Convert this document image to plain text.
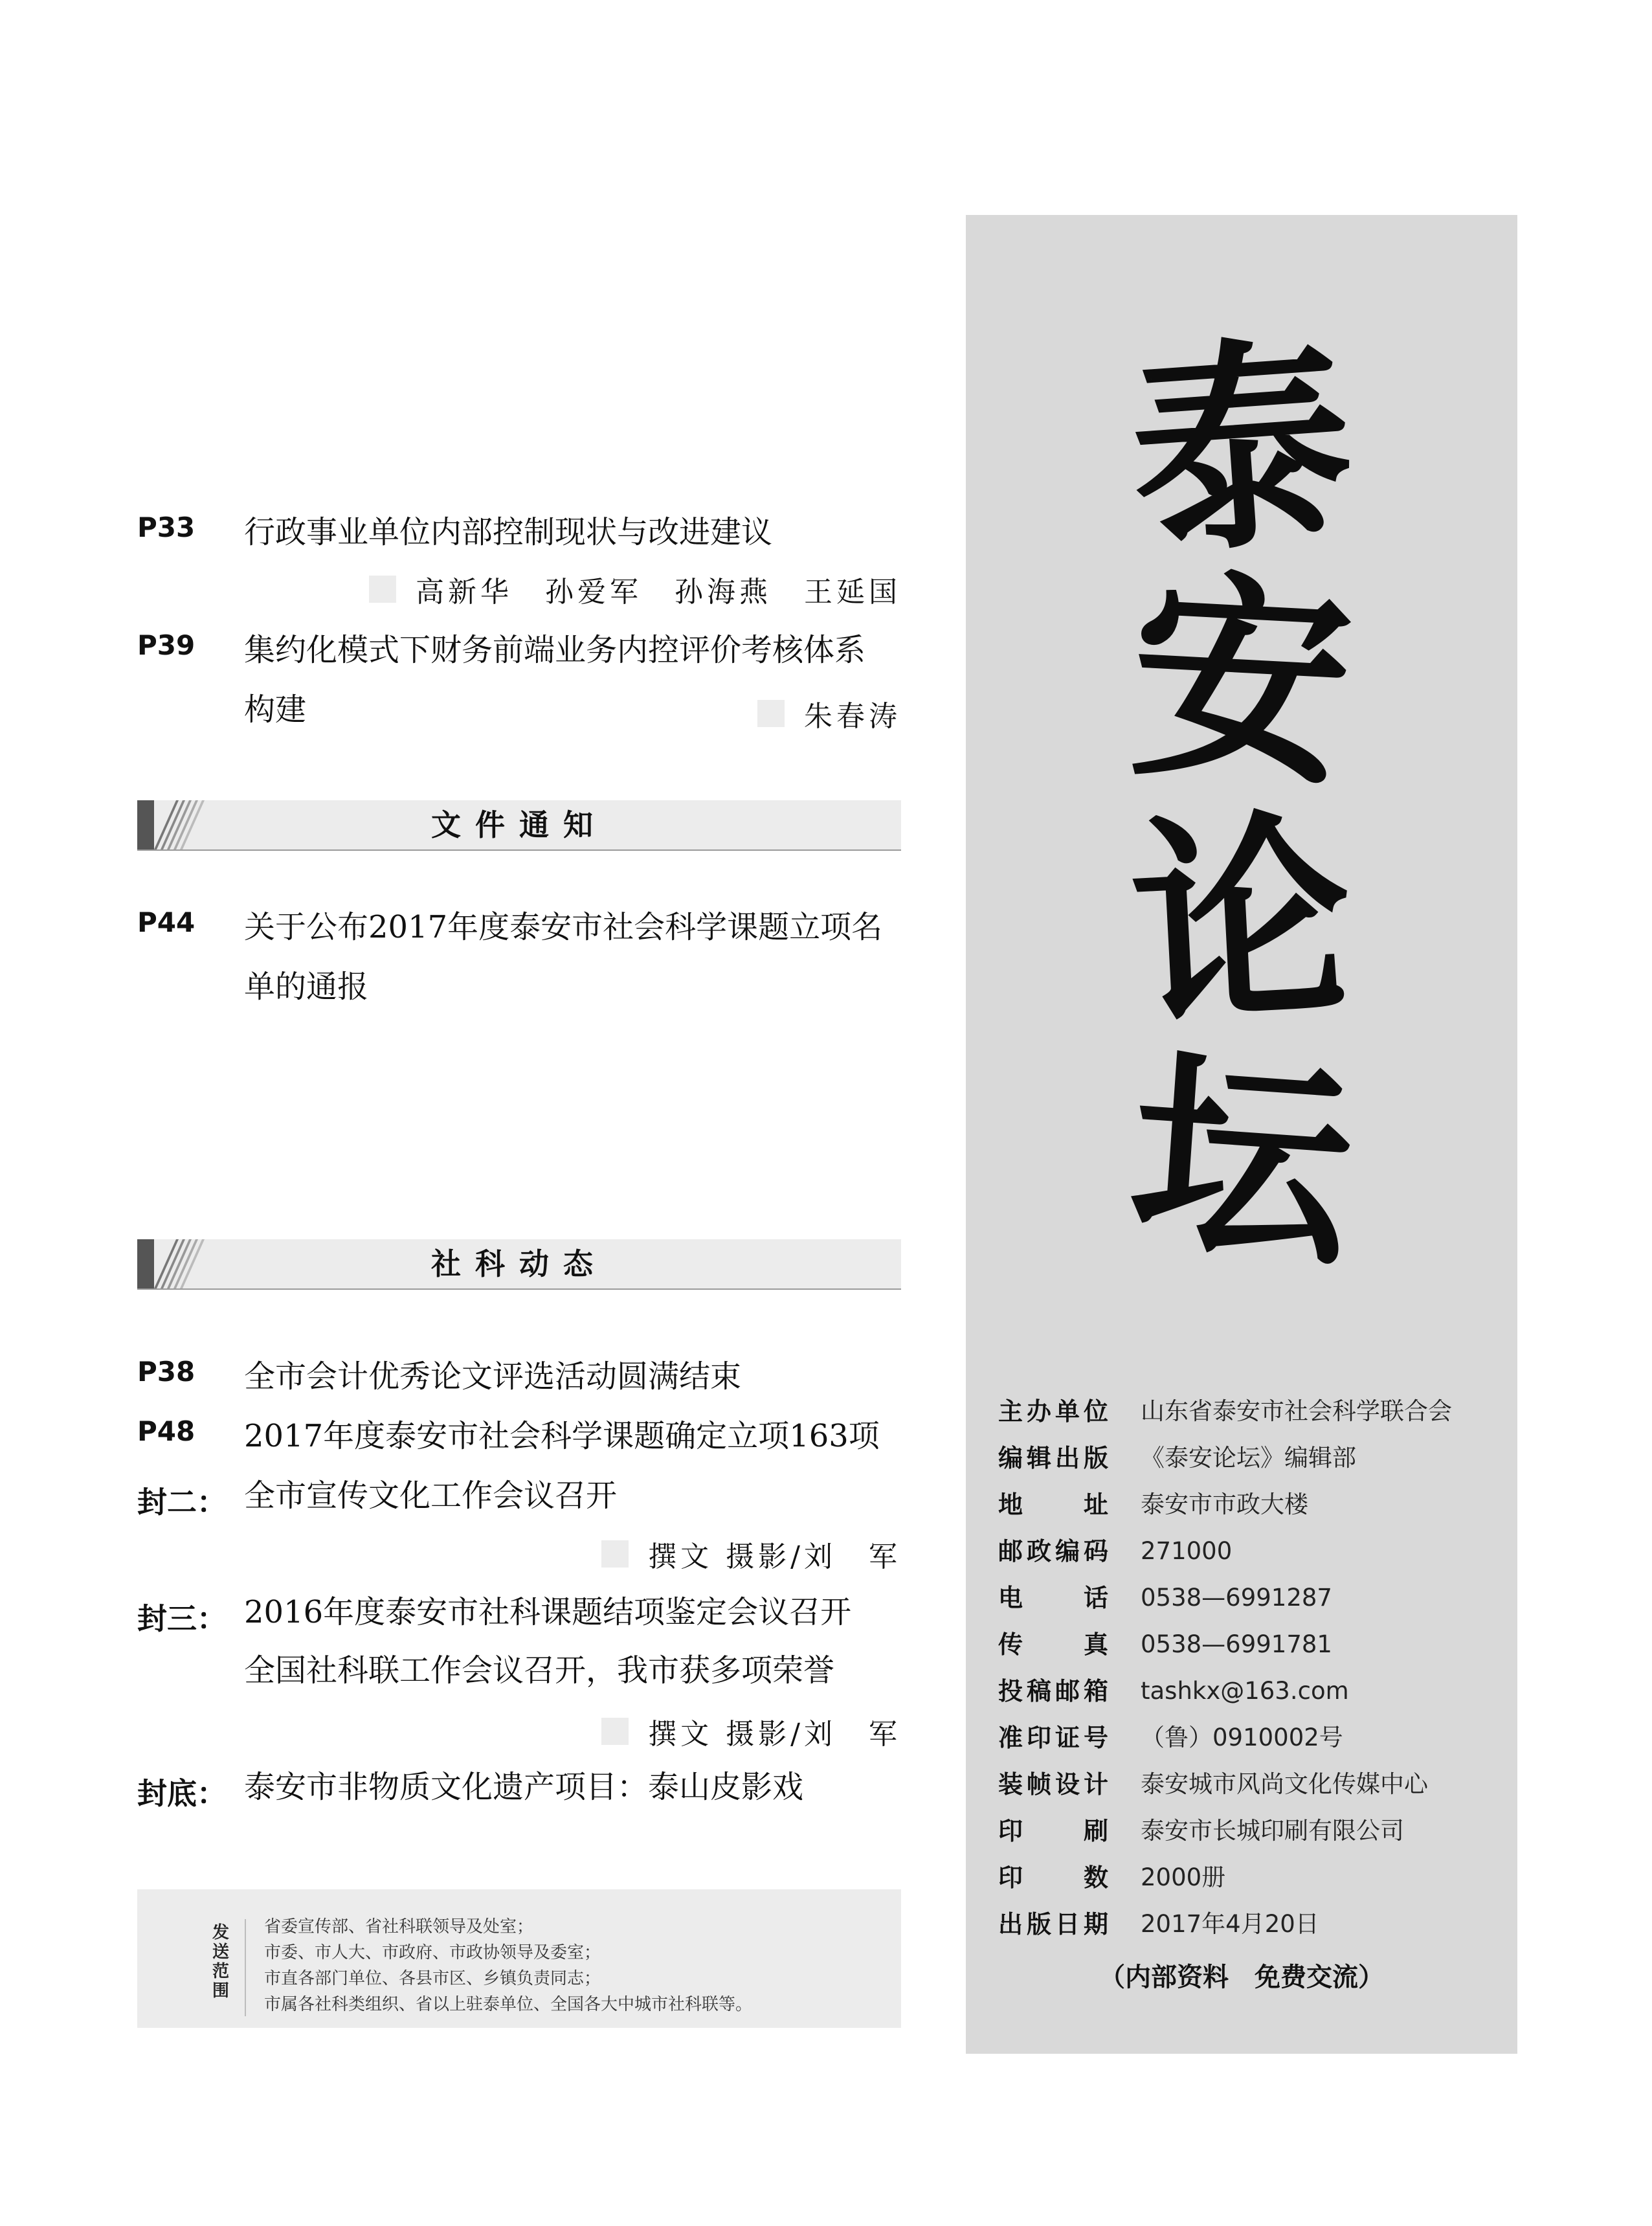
P33 行政事业单位内部控制现状与改进建议
高新华　孙爱军　孙海燕　王延国
P39 集约化模式下财务前端业务内控评价考核体系
构建	朱春涛
文件通知
P44 关于公布2017年度泰安市社会科学课题立项名
单的通报
社科动态
P38 全市会计优秀论文评选活动圆满结束
P48 2017年度泰安市社会科学课题确定立项163项
封二： 全市宣传文化工作会议召开
撰文 摄影/刘　军
封三： 2016年度泰安市社科课题结项鉴定会议召开
全国社科联工作会议召开，我市获多项荣誉
撰文 摄影/刘　军
封底： 泰安市非物质文化遗产项目：泰山皮影戏
发送范围
省委宣传部、省社科联领导及处室；
市委、市人大、市政府、市政协领导及委室；
市直各部门单位、各县市区、乡镇负责同志；
市属各社科类组织、省以上驻泰单位、全国各大中城市社科联等。
泰
安
论
坛
主办单位 山东省泰安市社会科学联合会
编辑出版 《泰安论坛》编辑部
地址 泰安市市政大楼
邮政编码 271000
电话 0538—6991287
传真 0538—6991781
投稿邮箱 tashkx@163.com
准印证号 （鲁）0910002号
装帧设计 泰安城市风尚文化传媒中心
印刷 泰安市长城印刷有限公司
印数 2000册
出版日期 2017年4月20日
（内部资料　免费交流）
